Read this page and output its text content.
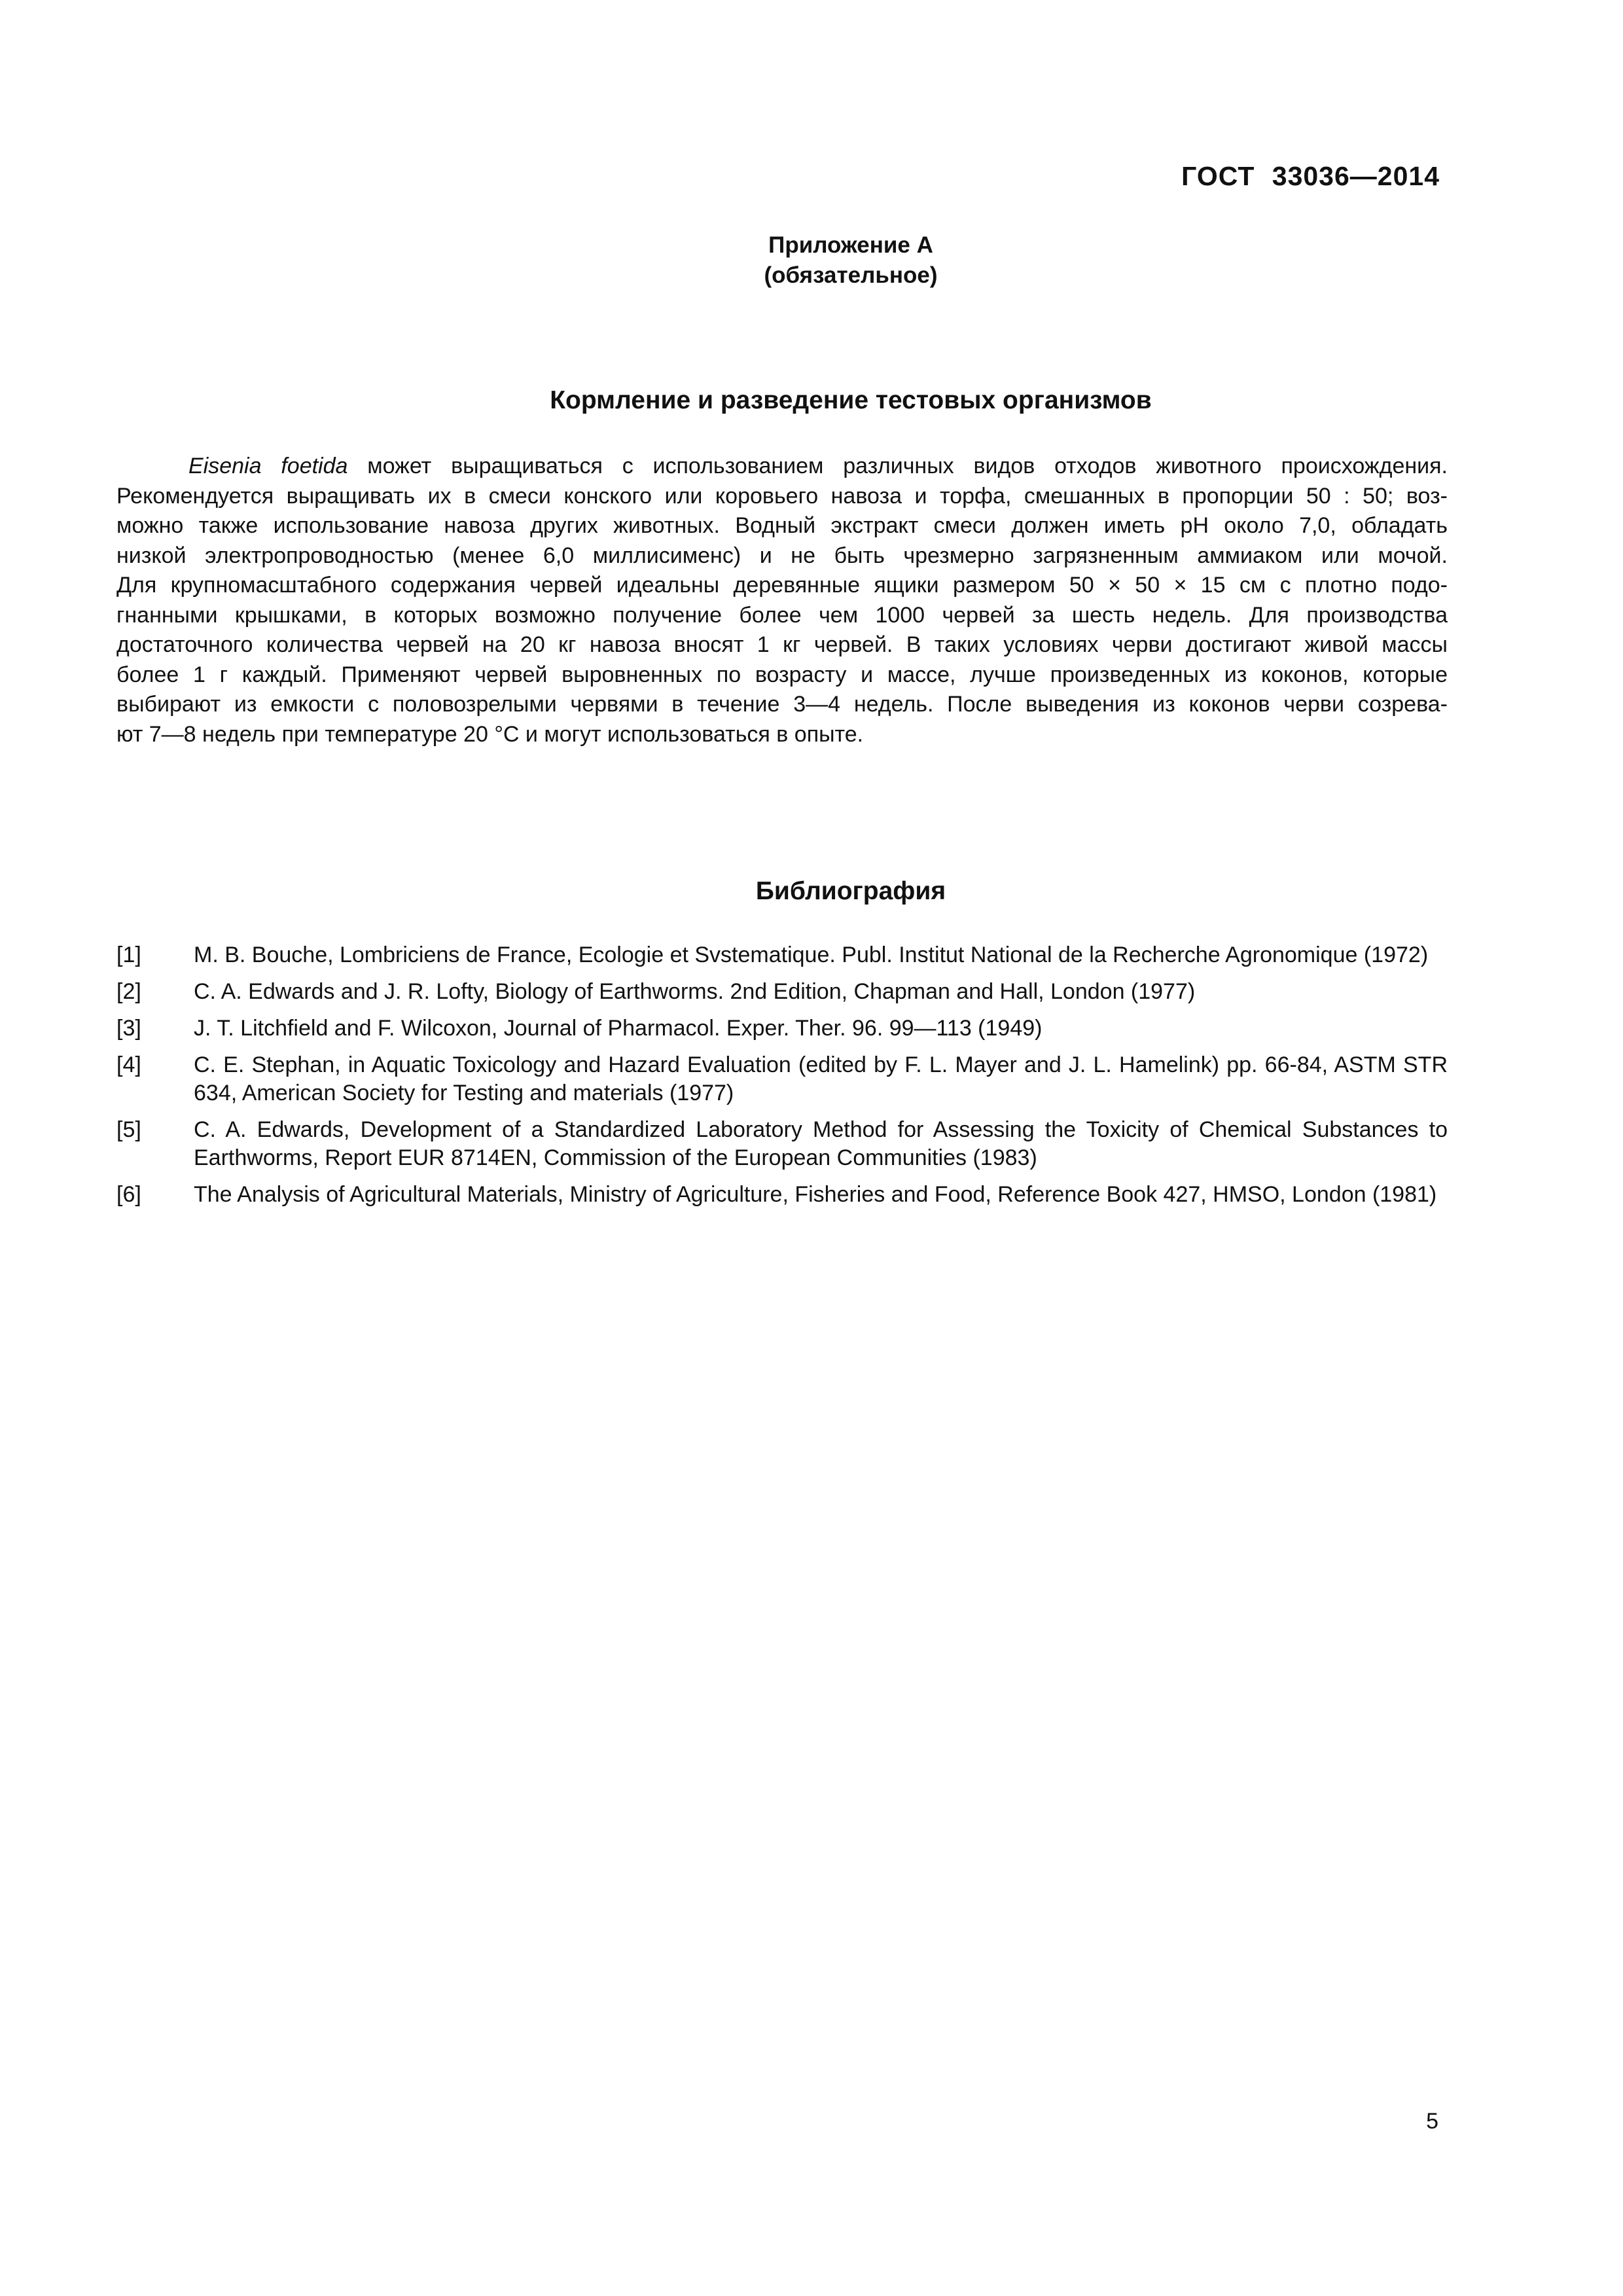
ГОСТ 33036—2014
Приложение А
(обязательное)
Кормление и разведение тестовых организмов
Eisenia foetida может выращиваться с использованием различных видов отходов животного происхождения.
Рекомендуется выращивать их в смеси конского или коровьего навоза и торфа, смешанных в пропорции 50 : 50; воз-
можно также использование навоза других животных. Водный экстракт смеси должен иметь pH около 7,0, обладать
низкой электропроводностью (менее 6,0 миллисименс) и не быть чрезмерно загрязненным аммиаком или мочой.
Для крупномасштабного содержания червей идеальны деревянные ящики размером 50 × 50 × 15 см с плотно подо-
гнанными крышками, в которых возможно получение более чем 1000 червей за шесть недель. Для производства
достаточного количества червей на 20 кг навоза вносят 1 кг червей. В таких условиях черви достигают живой массы
более 1 г каждый. Применяют червей выровненных по возрасту и массе, лучше произведенных из коконов, которые
выбирают из емкости с половозрелыми червями в течение 3—4 недель. После выведения из коконов черви созрева-
ют 7—8 недель при температуре 20 °С и могут использоваться в опыте.
Библиография
[1]	M. B. Bouche, Lombriciens de France, Ecologie et Svstematique. Publ. Institut National de la Recherche Agronomique (1972)
[2]	C. A. Edwards and J. R. Lofty, Biology of Earthworms. 2nd Edition, Chapman and Hall, London (1977)
[3]	J. T. Litchfield and F. Wilcoxon, Journal of Pharmacol. Exper. Ther. 96. 99—113 (1949)
[4]	C. E. Stephan, in Aquatic Toxicology and Hazard Evaluation (edited by F. L. Mayer and J. L. Hamelink) pp. 66-84, ASTM STR 634, American Society for Testing and materials (1977)
[5]	C. A. Edwards, Development of a Standardized Laboratory Method for Assessing the Toxicity of Chemical Substances to Earthworms, Report EUR 8714EN, Commission of the European Communities (1983)
[6]	The Analysis of Agricultural Materials, Ministry of Agriculture, Fisheries and Food, Reference Book 427, HMSO, London (1981)
5
